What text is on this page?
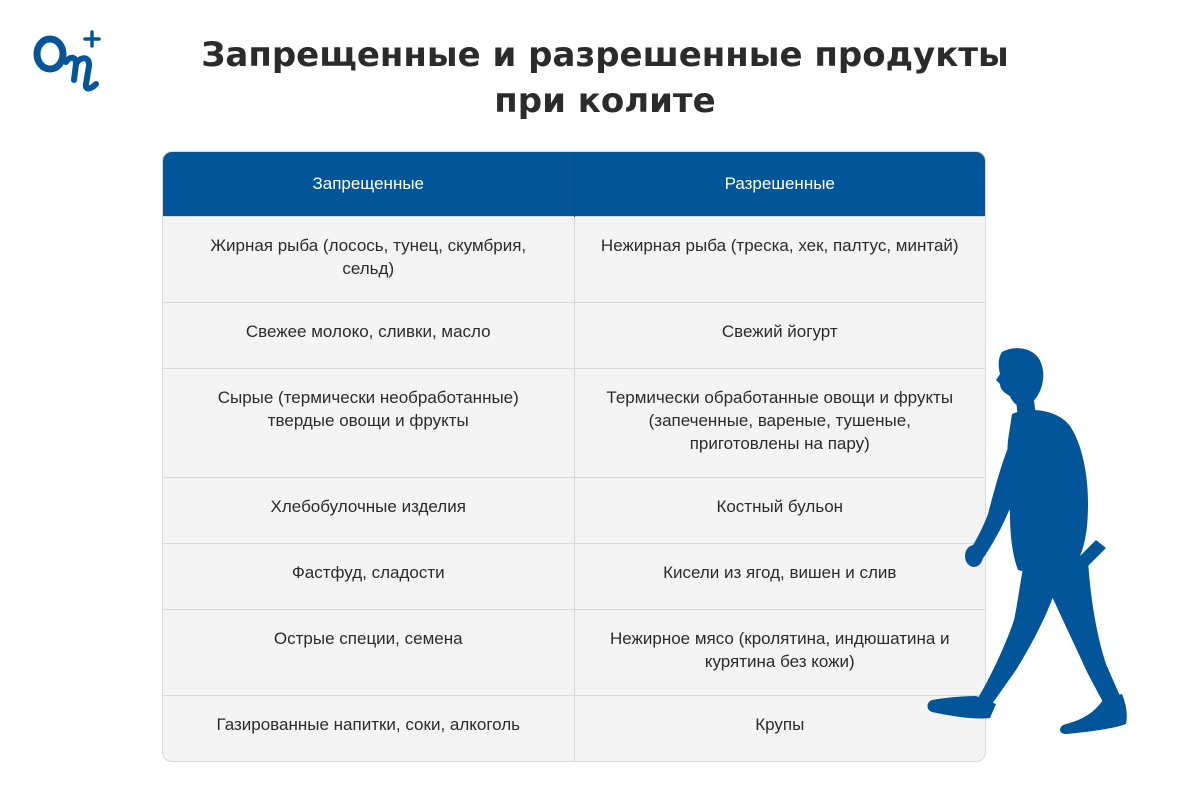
Запрещенные и разрешенные продукты
при колите
Запрещенные	Разрешенные
Жирная рыба (лосось, тунец, скумбрия, сельд)	Нежирная рыба (треска, хек, палтус, минтай)
Свежее молоко, сливки, масло	Свежий йогурт
Сырые (термически необработанные) твердые овощи и фрукты	Термически обработанные овощи и фрукты (запеченные, вареные, тушеные, приготовлены на пару)
Хлебобулочные изделия	Костный бульон
Фастфуд, сладости	Кисели из ягод, вишен и слив
Острые специи, семена	Нежирное мясо (кролятина, индюшатина и курятина без кожи)
Газированные напитки, соки, алкоголь	Крупы
